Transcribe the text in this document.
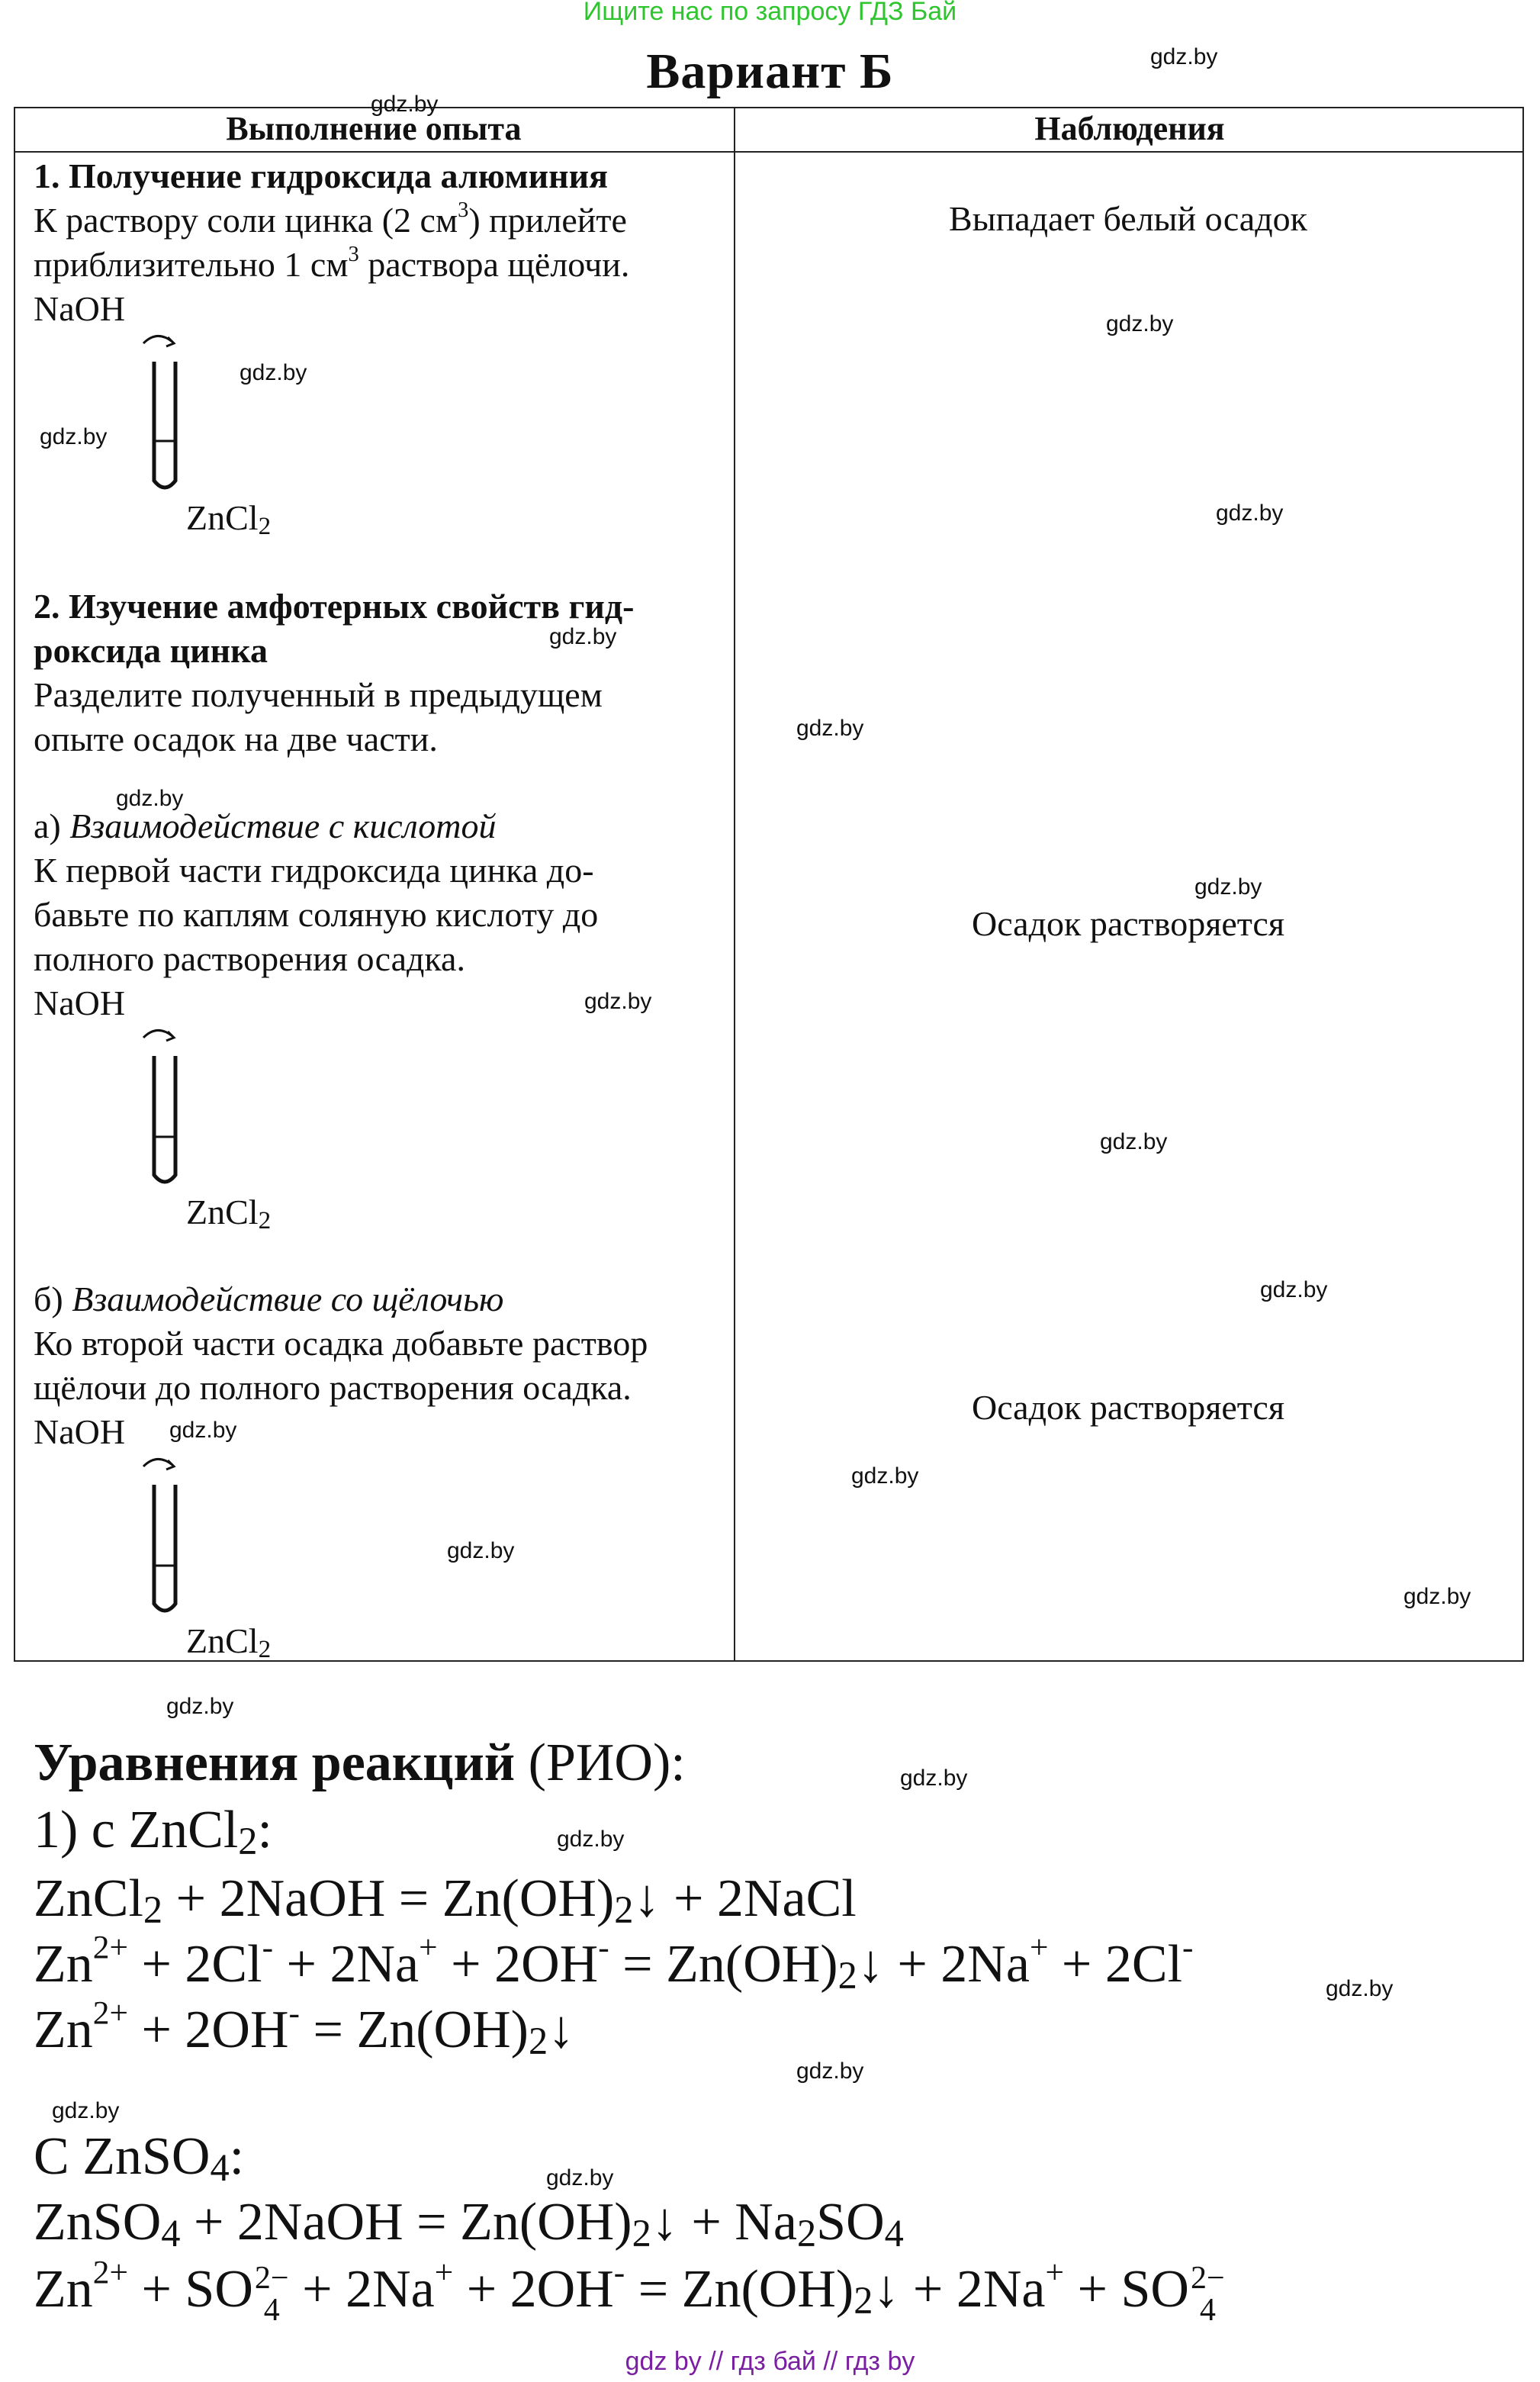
Ищите нас по запросу ГДЗ Бай
Вариант Б
Выполнение опыта	Наблюдения
1. Получение гидроксида алюминия
К раствору соли цинка (2 $см^3$) прилейте
приблизительно 1 $см^3$ раствора щёлочи.
NaOH
ZnCl$_2$
Выпадает белый осадок
2. Изучение амфотерных свойств гид-
роксида цинка
Разделите полученный в предыдущем
опыте осадок на две части.
а) Взаимодействие с кислотой
К первой части гидроксида цинка до-
бавьте по каплям соляную кислоту до
полного растворения осадка.
NaOH
ZnCl$_2$
Осадок растворяется
б) Взаимодействие со щёлочью
Ко второй части осадка добавьте раствор
щёлочи до полного растворения осадка.
NaOH
ZnCl$_2$
Осадок растворяется
Уравнения реакций (РИО):
1) с ZnCl$_2$:
ZnCl$_2$ + 2NaOH = $Zn(OH)_2↓$ + 2NaCl
$Zn^{2+} + 2Cl^- + 2Na^+ + 2OH^-$ = $Zn(OH)_2↓ + 2Na^+ + 2Cl^-$
$Zn^{2+} + 2OH^-$ = $Zn(OH)_2↓$
С ZnSO$_4$:
ZnSO$_4$ + 2NaOH = $Zn(OH)_2↓ + Na_2SO_4$
$Zn^{2+}$ + SO 2−
$4 + 2Na^+ + 2OH^- = Zn(OH)_2↓ + 2Na^+$ + SO 2−
4
gdz.by
gdz.by
gdz.by
gdz.by
gdz.by
gdz.by
gdz.by
gdz.by
gdz.by
gdz.by
gdz.by
gdz.by
gdz.by
gdz.by
gdz.by
gdz.by
gdz.by
gdz.by
gdz.by
gdz.by
gdz.by
gdz.by
gdz.by
gdz.by
gdz by // гдз бай // гдз by
